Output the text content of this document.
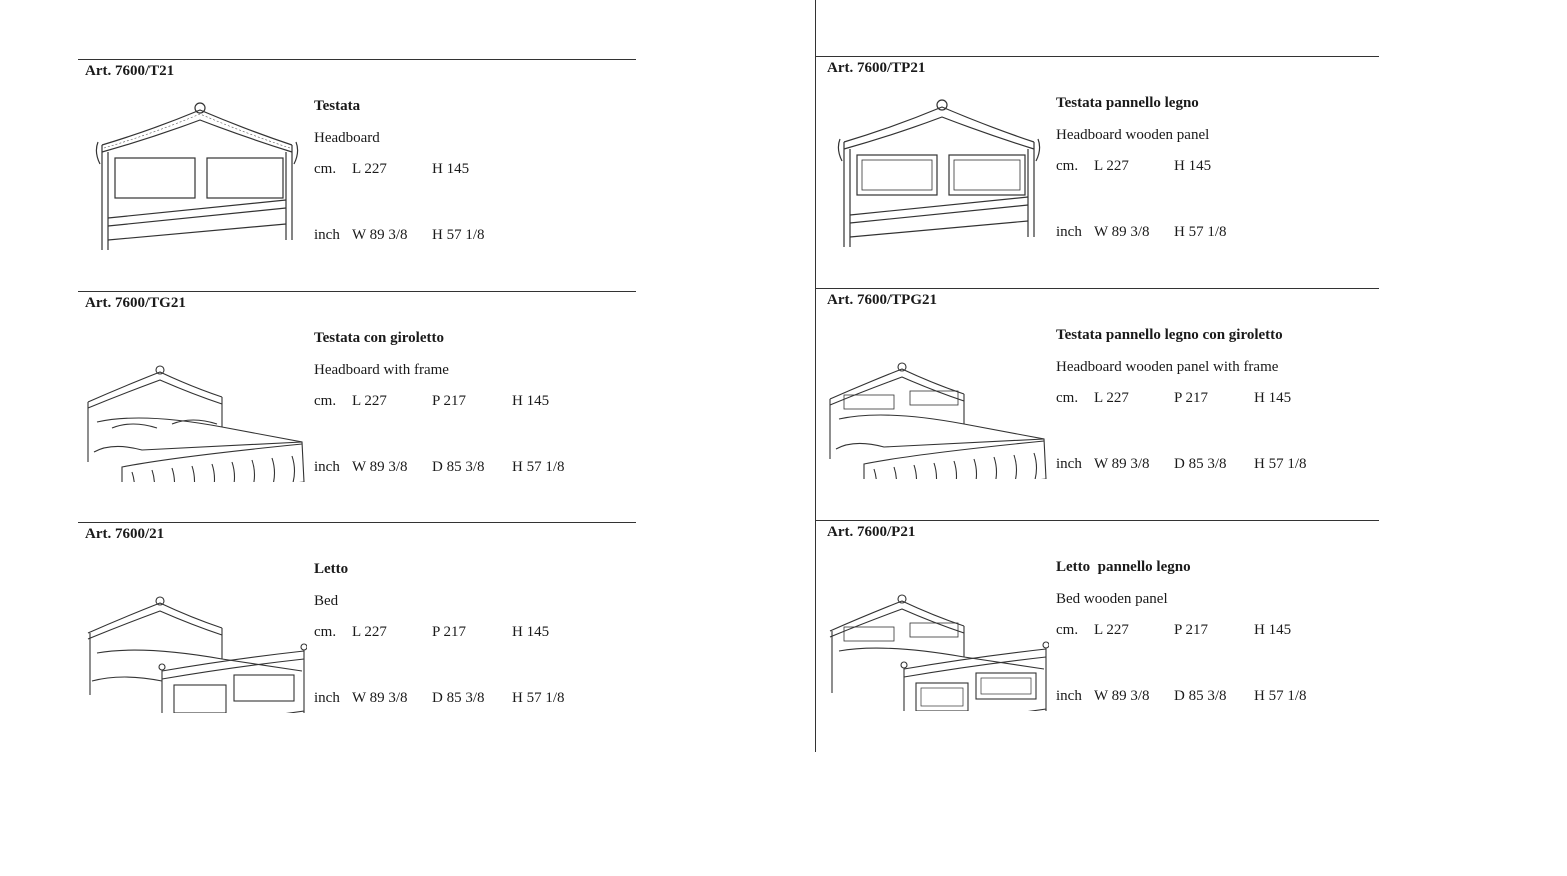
Art. 7600/T21
Testata
Headboard
cm.	L 227	H 145
inch W 89 3/8	H 57 1/8
Art. 7600/TG21
Testata con giroletto
Headboard with frame
cm.	L 227	P 217	H 145
inch W 89 3/8	D 85 3/8	H 57 1/8
Art. 7600/21
Letto
Bed
cm.	L 227	P 217	H 145
inch W 89 3/8	D 85 3/8	H 57 1/8
Art. 7600/TP21
Testata pannello legno
Headboard wooden panel
cm.	L 227	H 145
inch W 89 3/8	H 57 1/8
Art. 7600/TPG21
Testata pannello legno con giroletto
Headboard wooden panel with frame
cm.	L 227	P 217	H 145
inch W 89 3/8	D 85 3/8	H 57 1/8
Art. 7600/P21
Letto  pannello legno
Bed wooden panel
cm.	L 227	P 217	H 145
inch W 89 3/8	D 85 3/8	H 57 1/8
